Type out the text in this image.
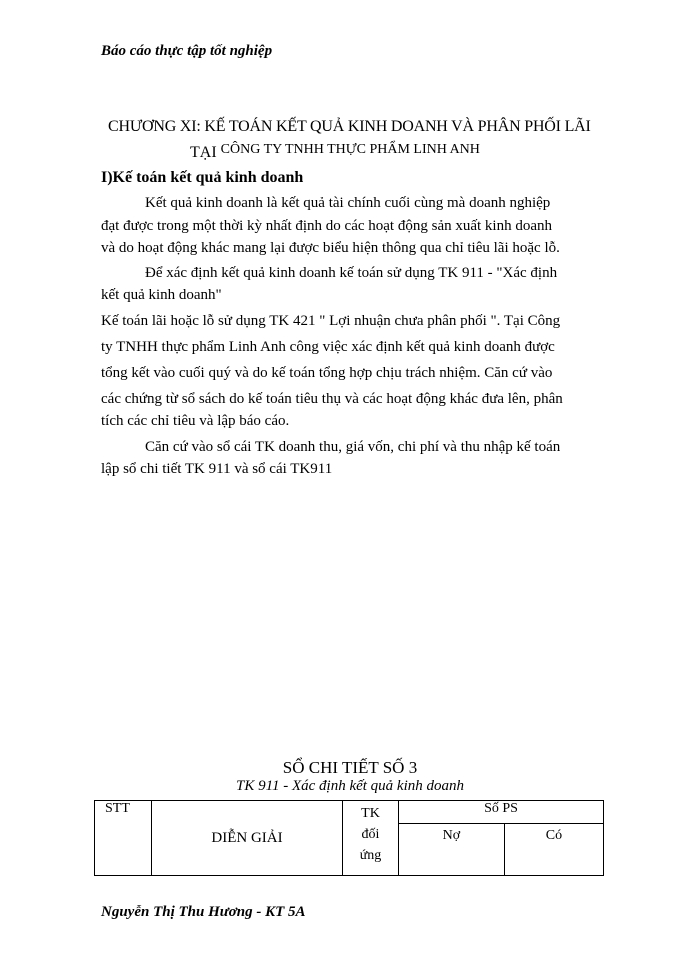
Báo cáo thực tập tốt nghiệp
CHƯƠNG XI: KẾ TOÁN KẾT QUẢ KINH DOANH VÀ PHÂN PHỐI LÃI
TẠI CÔNG TY TNHH THỰC PHẨM LINH ANH
I)Kế toán kết quả kinh doanh
Kết quả kinh doanh là kết quả tài chính cuối cùng mà doanh nghiệp
đạt được trong một thời kỳ nhất định do các hoạt động sản xuất kinh doanh
và do hoạt động khác mang lại được biểu hiện thông qua chỉ tiêu lãi hoặc lỗ.
Để xác định kết quả kinh doanh kế toán sử dụng TK 911 - "Xác định
kết quả kinh doanh"
Kế toán lãi hoặc lỗ sử dụng TK 421 " Lợi nhuận chưa phân phối ". Tại Công
ty TNHH thực phẩm Linh Anh công việc xác định kết quả kinh doanh được
tổng kết vào cuối quý và do kế toán tổng hợp chịu trách nhiệm. Căn cứ vào
các chứng từ sổ sách do kế toán tiêu thụ và các hoạt động khác đưa lên, phân
tích các chỉ tiêu và lập báo cáo.
Căn cứ vào sổ cái TK doanh thu, giá vốn, chi phí và thu nhập kế toán
lập sổ chi tiết TK 911 và sổ cái TK911
SỔ CHI TIẾT SỐ 3
TK 911 - Xác định kết quả kinh doanh
STT	DIỄN GIẢI	TK
đối
ứng	Số PS	
			Nợ	Có
Nguyễn Thị Thu Hương - KT 5A
